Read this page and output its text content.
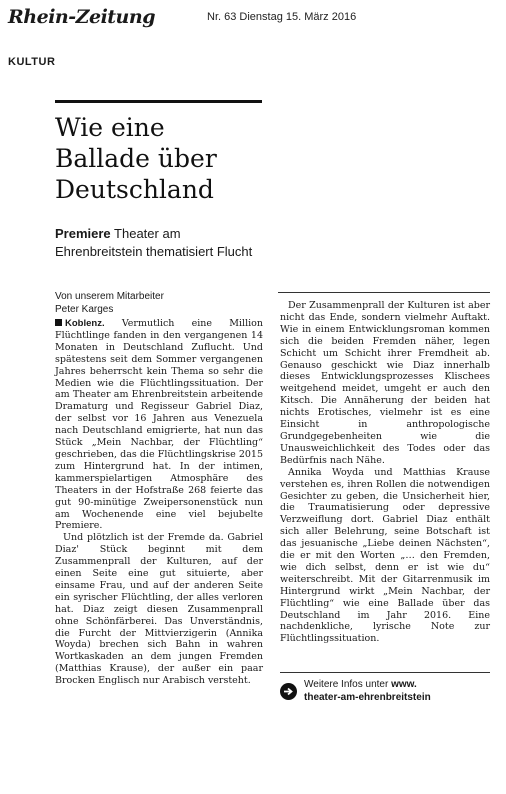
Rhein-Zeitung	Nr. 63 Dienstag 15. März 2016
KULTUR
Wie eine
Ballade über
Deutschland
Premiere Theater am Ehrenbreitstein thematisiert Flucht
Von unserem Mitarbeiter
Peter Karges

Koblenz. Vermutlich eine Million Flüchtlinge fanden in den vergangenen 14 Monaten in Deutschland Zuflucht. Und spätestens seit dem Sommer vergangenen Jahres beherrscht kein Thema so sehr die Medien wie die Flüchtlingssituation. Der am Theater am Ehrenbreitstein arbeitende Dramaturg und Regisseur Gabriel Diaz, der selbst vor 16 Jahren aus Venezuela nach Deutschland emigrierte, hat nun das Stück „Mein Nachbar, der Flüchtling“ geschrieben, das die Flüchtlingskrise 2015 zum Hintergrund hat. In der intimen, kammerspielartigen Atmosphäre des Theaters in der Hofstraße 268 feierte das gut 90-minütige Zweipersonenstück nun am Wochenende eine viel bejubelte Premiere.

Und plötzlich ist der Fremde da. Gabriel Diaz' Stück beginnt mit dem Zusammenprall der Kulturen, auf der einen Seite eine gut situierte, aber einsame Frau, und auf der anderen Seite ein syrischer Flüchtling, der alles verloren hat. Diaz zeigt diesen Zusammenprall ohne Schönfärberei. Das Unverständnis, die Furcht der Mittvierzigerin (Annika Woyda) brechen sich Bahn in wahren Wortkaskaden an dem jungen Fremden (Matthias Krause), der außer ein paar Brocken Englisch nur Arabisch versteht.

Der Zusammenprall der Kulturen ist aber nicht das Ende, sondern vielmehr Auftakt. Wie in einem Entwicklungsroman kommen sich die beiden Fremden näher, legen Schicht um Schicht ihrer Fremdheit ab. Genauso geschickt wie Diaz innerhalb dieses Entwicklungsprozesses Klischees weitgehend meidet, umgeht er auch den Kitsch. Die Annäherung der beiden hat nichts Erotisches, vielmehr ist es eine Einsicht in anthropologische Grundgegebenheiten wie die Unausweichlichkeit des Todes oder das Bedürfnis nach Nähe.

Annika Woyda und Matthias Krause verstehen es, ihren Rollen die notwendigen Gesichter zu geben, die Unsicherheit hier, die Traumatisierung oder depressive Verzweiflung dort. Gabriel Diaz enthält sich aller Belehrung, seine Botschaft ist das jesuanische „Liebe deinen Nächsten“, die er mit den Worten „… den Fremden, wie dich selbst, denn er ist wie du“ weiterschreibt. Mit der Gitarrenmusik im Hintergrund wirkt „Mein Nachbar, der Flüchtling“ wie eine Ballade über das Deutschland im Jahr 2016. Eine nachdenkliche, lyrische Note zur Flüchtlingssituation.

Weitere Infos unter www.
theater-am-ehrenbreitstein
